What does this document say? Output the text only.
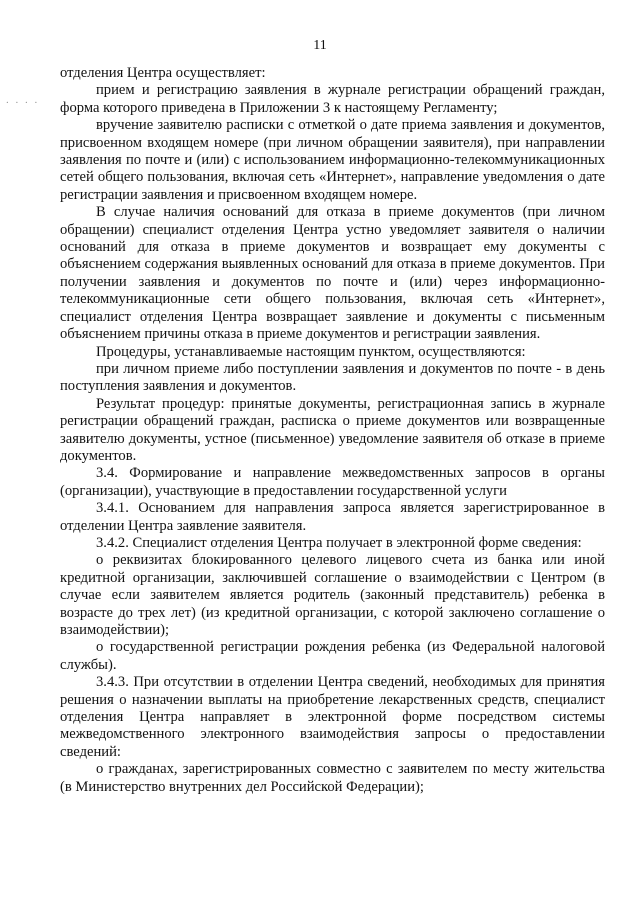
11
. . . .

отделения Центра осуществляет:

прием и регистрацию заявления в журнале регистрации обращений граждан, форма которого приведена в Приложении 3 к настоящему Регламенту;

вручение заявителю расписки с отметкой о дате приема заявления и документов, присвоенном входящем номере (при личном обращении заявителя), при направлении заявления по почте и (или) с использованием информационно-телекоммуникационных сетей общего пользования, включая сеть «Интернет», направление уведомления о дате регистрации заявления и присвоенном входящем номере.

В случае наличия оснований для отказа в приеме документов (при личном обращении) специалист отделения Центра устно уведомляет заявителя о наличии оснований для отказа в приеме документов и возвращает ему документы с объяснением содержания выявленных оснований для отказа в приеме документов. При получении заявления и документов по почте и (или) через информационно-телекоммуникационные сети общего пользования, включая сеть «Интернет», специалист отделения Центра возвращает заявление и документы с письменным объяснением причины отказа в приеме документов и регистрации заявления.

Процедуры, устанавливаемые настоящим пунктом, осуществляются:

при личном приеме либо поступлении заявления и документов по почте - в день поступления заявления и документов.

Результат процедур: принятые документы, регистрационная запись в журнале регистрации обращений граждан, расписка о приеме документов или возвращенные заявителю документы, устное (письменное) уведомление заявителя об отказе в приеме документов.

3.4. Формирование и направление межведомственных запросов в органы (организации), участвующие в предоставлении государственной услуги

3.4.1. Основанием для направления запроса является зарегистрированное в отделении Центра заявление заявителя.

3.4.2. Специалист отделения Центра получает в электронной форме сведения:

о реквизитах блокированного целевого лицевого счета из банка или иной кредитной организации, заключившей соглашение о взаимодействии с Центром (в случае если заявителем является родитель (законный представитель) ребенка в возрасте до трех лет) (из кредитной организации, с которой заключено соглашение о взаимодействии);

о государственной регистрации рождения ребенка (из Федеральной налоговой службы).

3.4.3. При отсутствии в отделении Центра сведений, необходимых для принятия решения о назначении выплаты на приобретение лекарственных средств, специалист отделения Центра направляет в электронной форме посредством системы межведомственного электронного взаимодействия запросы о предоставлении сведений:

о гражданах, зарегистрированных совместно с заявителем по месту жительства (в Министерство внутренних дел Российской Федерации);
